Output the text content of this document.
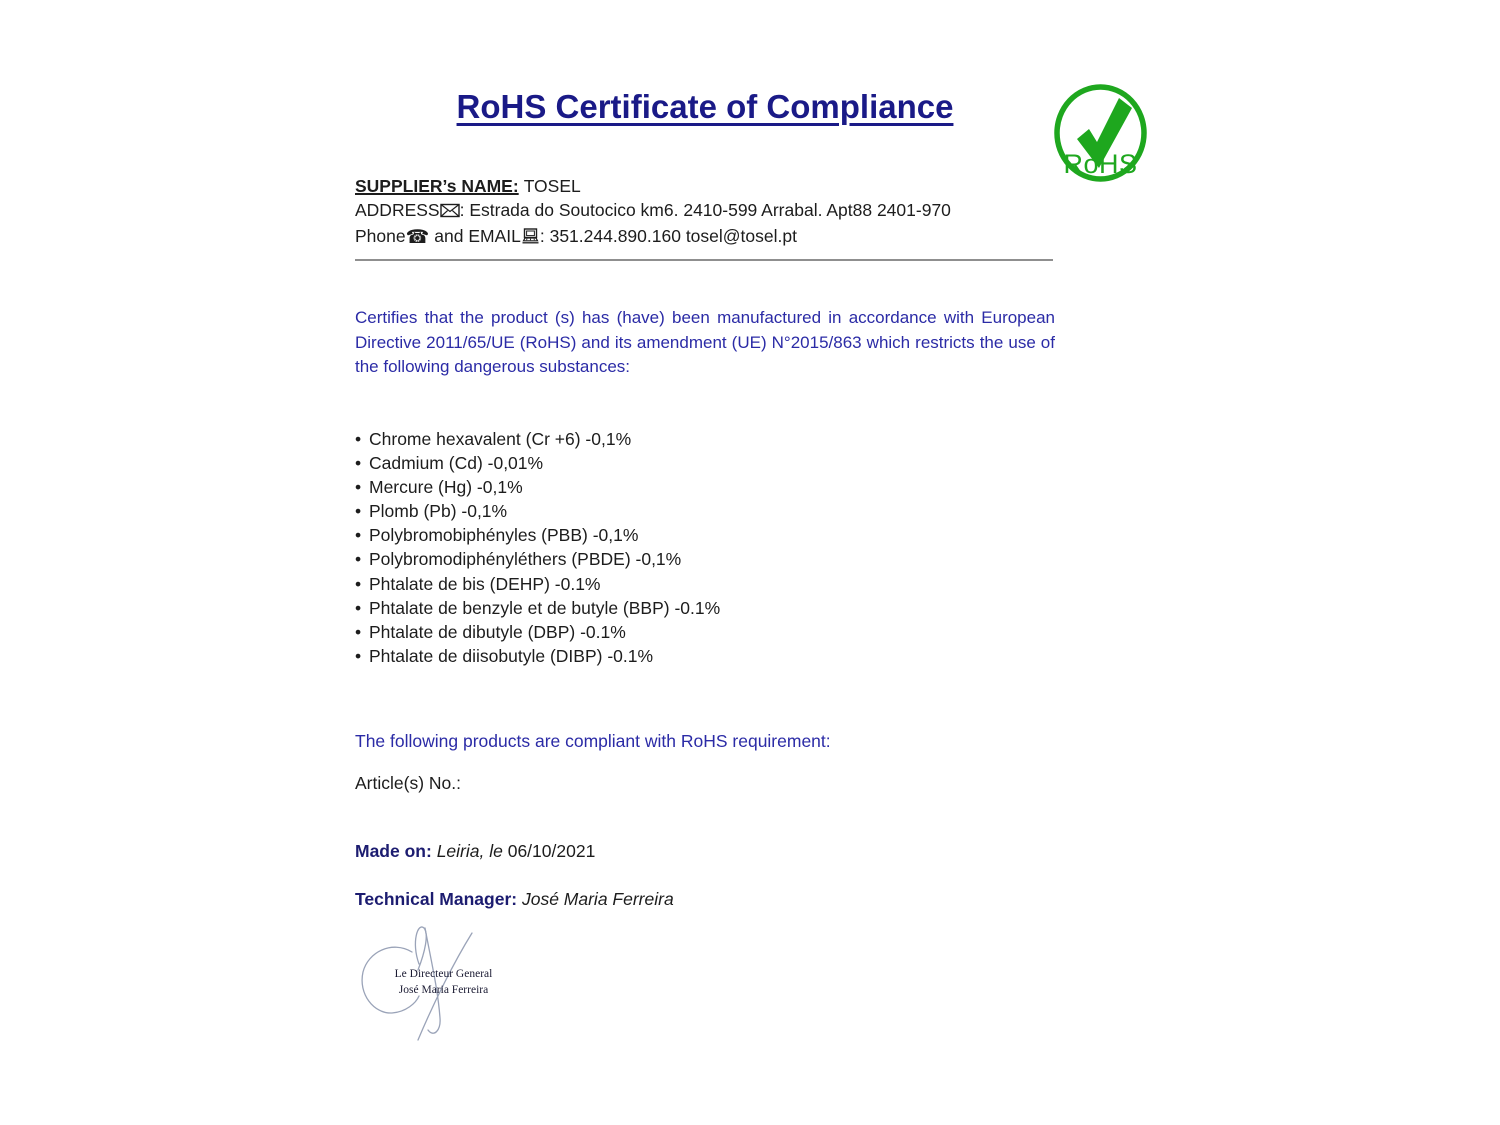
RoHS Certificate of Compliance

SUPPLIER’s NAME: TOSEL

ADDRESS : Estrada do Soutocico km6. 2410-599 Arrabal. Apt88 2401-970

Phone☎ and EMAIL : 351.244.890.160 tosel@tosel.pt

Certifies that the product (s) has (have) been manufactured in accordance with European Directive 2011/65/UE (RoHS) and its amendment (UE) N°2015/863 which restricts the use of the following dangerous substances:

• Chrome hexavalent (Cr +6) -0,1%
• Cadmium (Cd) -0,01%
• Mercure (Hg) -0,1%
• Plomb (Pb) -0,1%
• Polybromobiphényles (PBB) -0,1%
• Polybromodiphényléthers (PBDE) -0,1%
• Phtalate de bis (DEHP) -0.1%
• Phtalate de benzyle et de butyle (BBP) -0.1%
• Phtalate de dibutyle (DBP) -0.1%
• Phtalate de diisobutyle (DIBP) -0.1%

The following products are compliant with RoHS requirement:

Article(s) No.:

Made on: Leiria, le 06/10/2021

Technical Manager: José Maria Ferreira

RoHS
Le Directeur General
José Maria Ferreira
